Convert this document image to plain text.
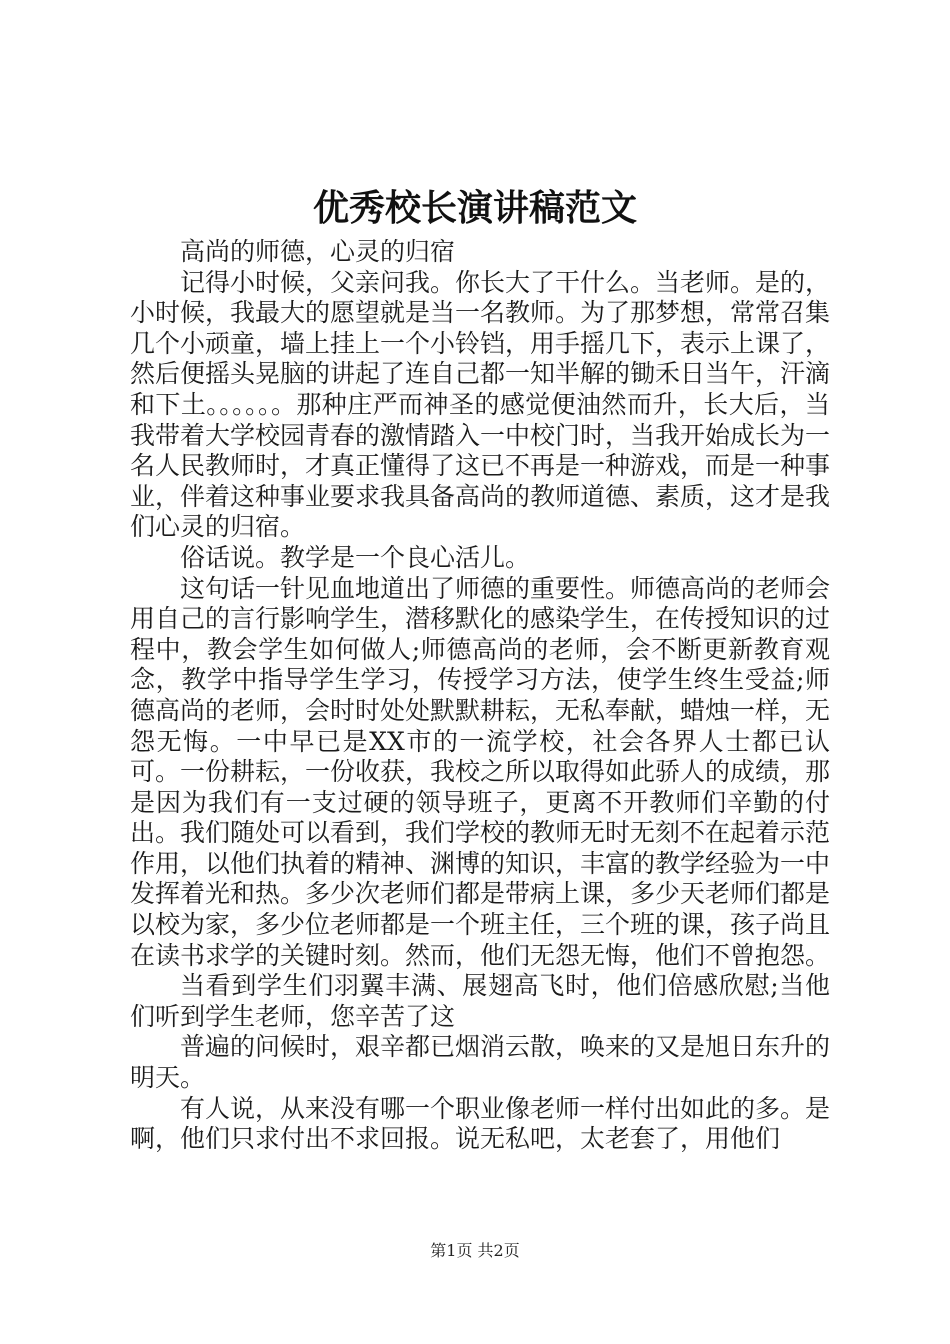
优秀校长演讲稿范文

高尚的师德，心灵的归宿

记得小时候，父亲问我。你长大了干什么。当老师。是的，小时候，我最大的愿望就是当一名教师。为了那梦想，常常召集几个小顽童，墙上挂上一个小铃铛，用手摇几下，表示上课了，然后便摇头晃脑的讲起了连自己都一知半解的锄禾日当午，汗滴和下土。。。。。。那种庄严而神圣的感觉便油然而升，长大后，当我带着大学校园青春的激情踏入一中校门时，当我开始成长为一名人民教师时，才真正懂得了这已不再是一种游戏，而是一种事业，伴着这种事业要求我具备高尚的教师道德、素质，这才是我们心灵的归宿。

俗话说。教学是一个良心活儿。

这句话一针见血地道出了师德的重要性。师德高尚的老师会用自己的言行影响学生，潜移默化的感染学生，在传授知识的过程中，教会学生如何做人;师德高尚的老师，会不断更新教育观念，教学中指导学生学习，传授学习方法，使学生终生受益;师德高尚的老师，会时时处处默默耕耘，无私奉献，蜡烛一样，无怨无悔。一中早已是XX市的一流学校，社会各界人士都已认可。一份耕耘，一份收获，我校之所以取得如此骄人的成绩，那是因为我们有一支过硬的领导班子，更离不开教师们辛勤的付出。我们随处可以看到，我们学校的教师无时无刻不在起着示范作用，以他们执着的精神、渊博的知识，丰富的教学经验为一中发挥着光和热。多少次老师们都是带病上课，多少天老师们都是以校为家，多少位老师都是一个班主任，三个班的课，孩子尚且在读书求学的关键时刻。然而，他们无怨无悔，他们不曾抱怨。

当看到学生们羽翼丰满、展翅高飞时，他们倍感欣慰;当他们听到学生老师，您辛苦了这

普遍的问候时，艰辛都已烟消云散，唤来的又是旭日东升的明天。

有人说，从来没有哪一个职业像老师一样付出如此的多。是啊，他们只求付出不求回报。说无私吧，太老套了，用他们

第1页 共2页
